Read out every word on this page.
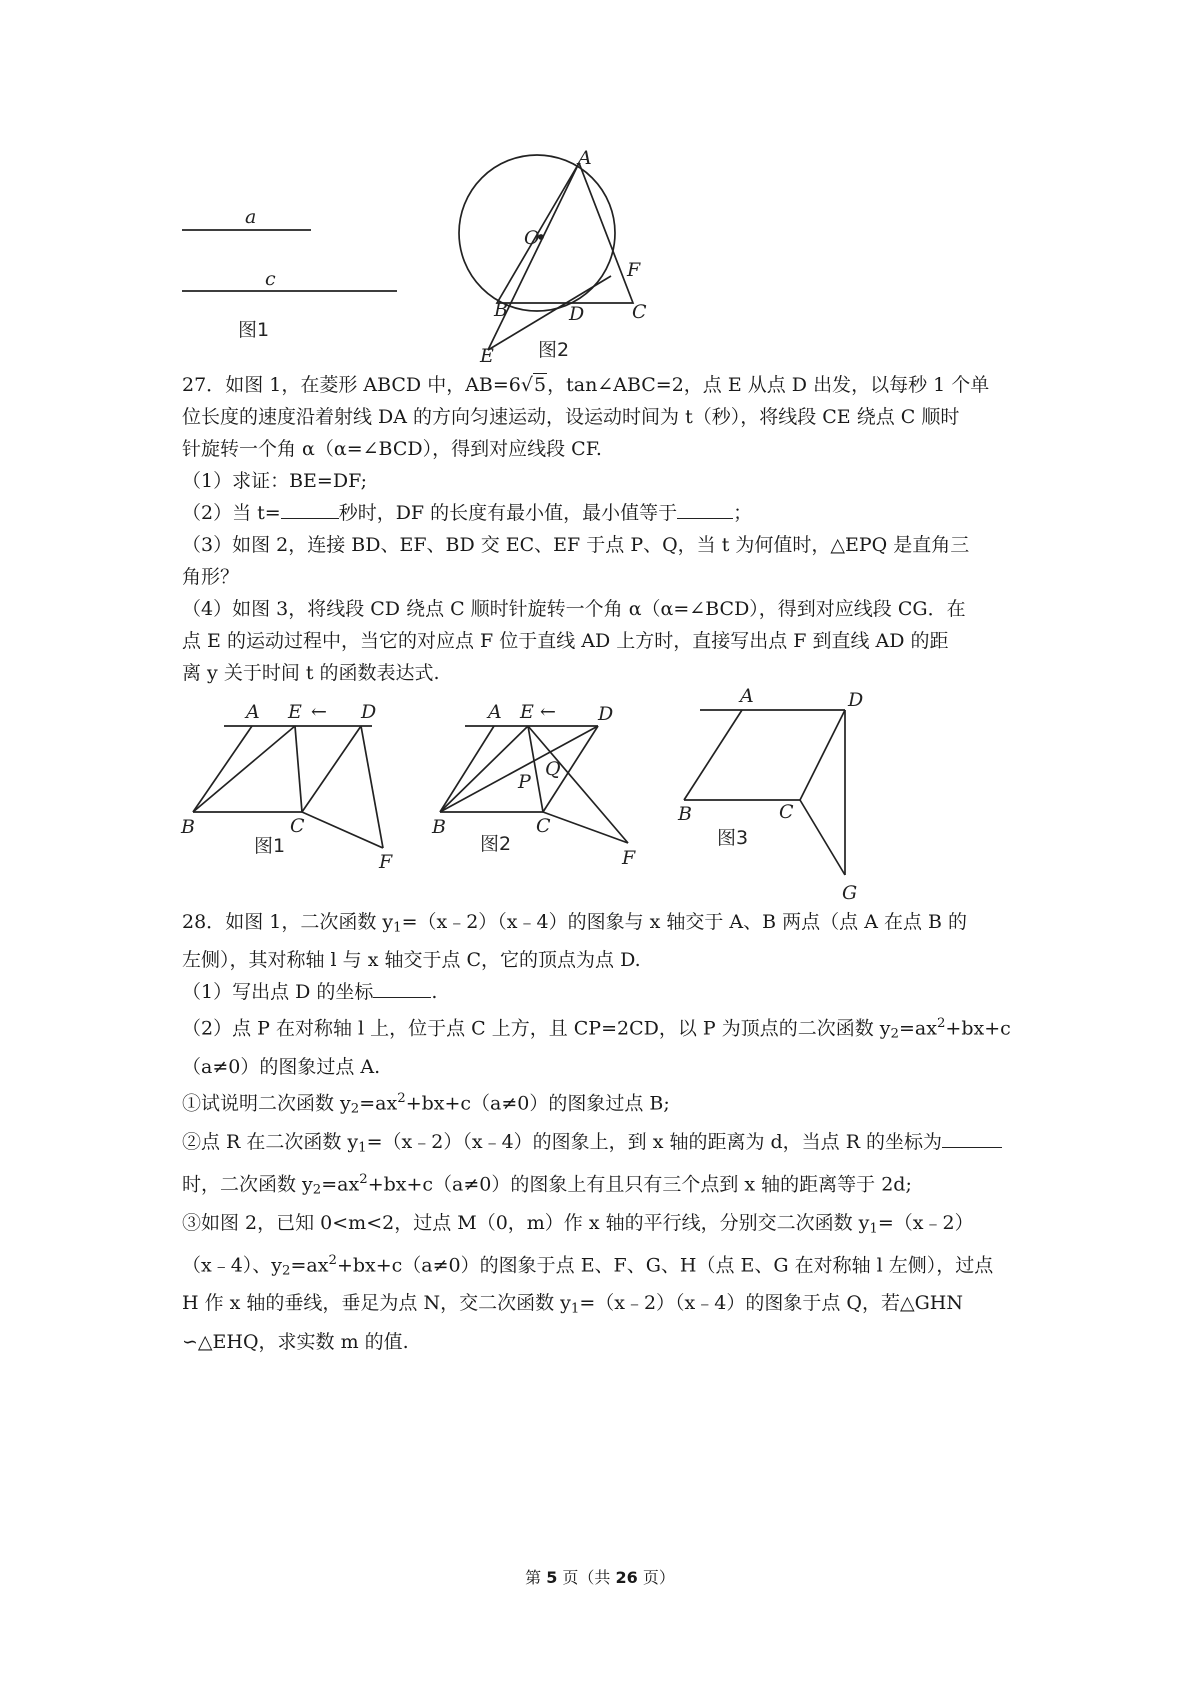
a
c
图1
A
O
F
B	D	C
E 图2

27．如图 1，在菱形 ABCD 中，AB=6√5，tan∠ABC=2，点 E 从点 D 出发，以每秒 1 个单

位长度的速度沿着射线 DA 的方向匀速运动，设运动时间为 t（秒），将线段 CE 绕点 C 顺时

针旋转一个角 α（α=∠BCD），得到对应线段 CF.

（1）求证：BE=DF;

（2）当 t=	秒时，DF 的长度有最小值，最小值等于	；

（3）如图 2，连接 BD、EF、BD 交 EC、EF 于点 P、Q，当 t 为何值时，△EPQ 是直角三

角形？

（4）如图 3，将线段 CD 绕点 C 顺时针旋转一个角 α（α=∠BCD），得到对应线段 CG．在

点 E 的运动过程中，当它的对应点 F 位于直线 AD 上方时，直接写出点 F 到直线 AD 的距

离 y 关于时间 t 的函数表达式.

A E ← D
B	C
F
图1
A E ← D
P
Q
B	C
F
图2
A	D
B	C
G
图3

28．如图 1，二次函数 $y_1=(x﹣2)(x﹣4)$的图象与 x 轴交于 A、B 两点（点 A 在点 B 的

左侧），其对称轴 l 与 x 轴交于点 C，它的顶点为点 D.

（1）写出点 D 的坐标	.

（2）点 P 在对称轴 l 上，位于点 C 上方，且 CP=2CD，以 P 为顶点的二次函数 $y_2=ax^2+bx+c$

（a≠0）的图象过点 A.

①试说明二次函数 $y_2=ax^2+bx+c(a\ne 0)$的图象过点 B;

②点 R 在二次函数 $y_1=(x﹣2)(x﹣4)$的图象上，到 x 轴的距离为 d，当点 R 的坐标为

时，二次函数 $y_2=ax^2+bx+c(a\ne 0)$的图象上有且只有三个点到 x 轴的距离等于 2d;

③如图 2，已知 0<m<2，过点 M（0，m）作 x 轴的平行线，分别交二次函数 $y_1=(x﹣2)$

（x﹣4）、$y_2=ax^2+bx+c(a\ne 0)$的图象于点 E、F、G、H（点 E、G 在对称轴 l 左侧），过点

H 作 x 轴的垂线，垂足为点 N，交二次函数 $y_1=(x﹣2)(x﹣4)$的图象于点 Q，若△GHN

∽△EHQ，求实数 m 的值.

第 5 页（共 26 页）
